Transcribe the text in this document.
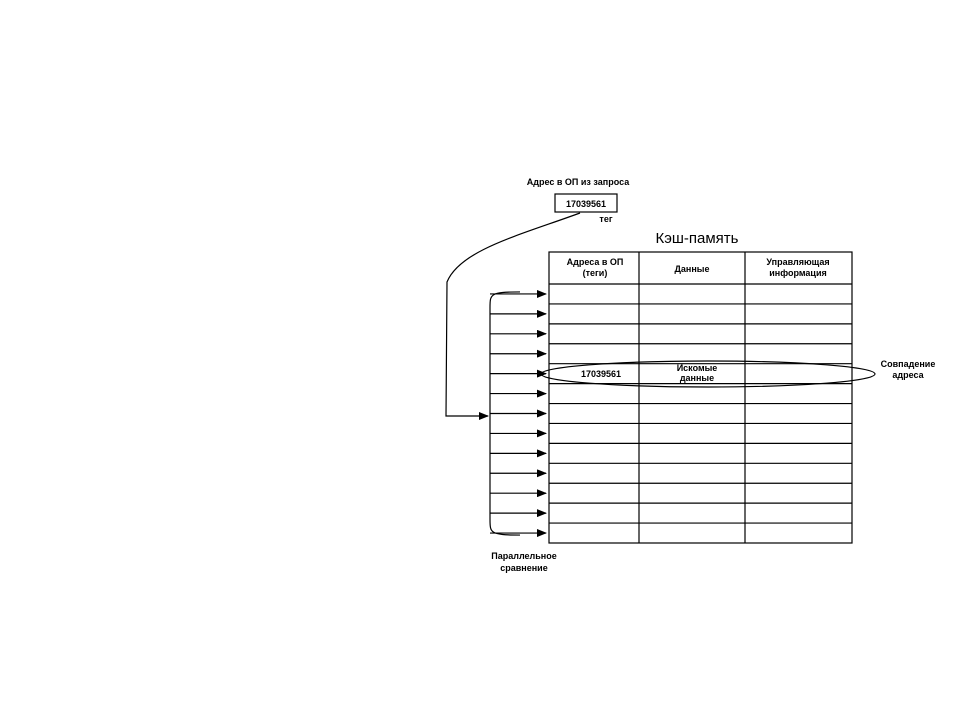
Адрес в ОП из запроса
17039561
тег
Кэш-память
Адреса в ОП
(теги)	Данные
Управляющая
информация
17039561
Искомые
данные
Совпадение
адреса
Параллельное
сравнение
